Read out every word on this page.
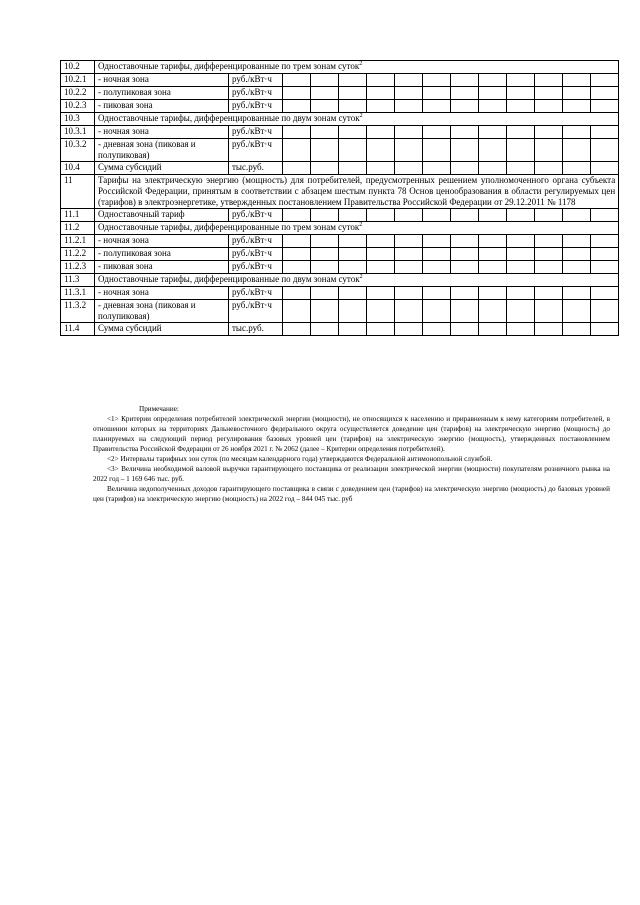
10.2	Одноставочные тарифы, дифференцированные по трем зонам суток$^2$
10.2.1	- ночная зона	руб./кВт·ч												
10.2.2	- полупиковая зона	руб./кВт·ч												
10.2.3	- пиковая зона	руб./кВт·ч												
10.3	Одноставочные тарифы, дифференцированные по двум зонам суток$^2$
10.3.1	- ночная зона	руб./кВт·ч												
10.3.2	- дневная зона (пиковая и полупиковая)	руб./кВт·ч												
10.4	Сумма субсидий	тыс.руб.												
11	Тарифы на электрическую энергию (мощность) для потребителей, предусмотренных решением уполномоченного органа субъекта Российской Федерации, принятым в соответствии с абзацем шестым пункта 78 Основ ценообразования в области регулируемых цен (тарифов) в электроэнергетике, утвержденных постановлением Правительства Российской Федерации от 29.12.2011 № 1178													
11.1	Одноставочный тариф	руб./кВт·ч												
11.2	Одноставочные тарифы, дифференцированные по трем зонам суток$^2$
11.2.1	- ночная зона	руб./кВт·ч												
11.2.2	- полупиковая зона	руб./кВт·ч												
11.2.3	- пиковая зона	руб./кВт·ч												
11.3	Одноставочные тарифы, дифференцированные по двум зонам суток$^2$
11.3.1	- ночная зона	руб./кВт·ч												
11.3.2	- дневная зона (пиковая и полупиковая)	руб./кВт·ч												
11.4	Сумма субсидий	тыс.руб.												

Примечание:

<1> Критерии определения потребителей электрической энергии (мощности), не относящихся к населению и приравненным к нему категориям потребителей, в отношении которых на территориях Дальневосточного федерального округа осуществляется доведение цен (тарифов) на электрическую энергию (мощность) до планируемых на следующий период регулирования базовых уровней цен (тарифов) на электрическую энергию (мощность), утвержденных постановлением Правительства Российской Федерации от 26 ноября 2021 г. № 2062 (далее – Критерии определения потребителей).

<2> Интервалы тарифных зон суток (по месяцам календарного года) утверждаются Федеральной антимонопольной службой.

<3> Величина необходимой валовой выручки гарантирующего поставщика от реализации электрической энергии (мощности) покупателям розничного рынка на 2022 год – 1 169 646 тыс. руб.

Величина недополученных доходов гарантирующего поставщика в связи с доведением цен (тарифов) на электрическую энергию (мощность) до базовых уровней цен (тарифов) на электрическую энергию (мощность) на 2022 год – 844 045 тыс. руб
